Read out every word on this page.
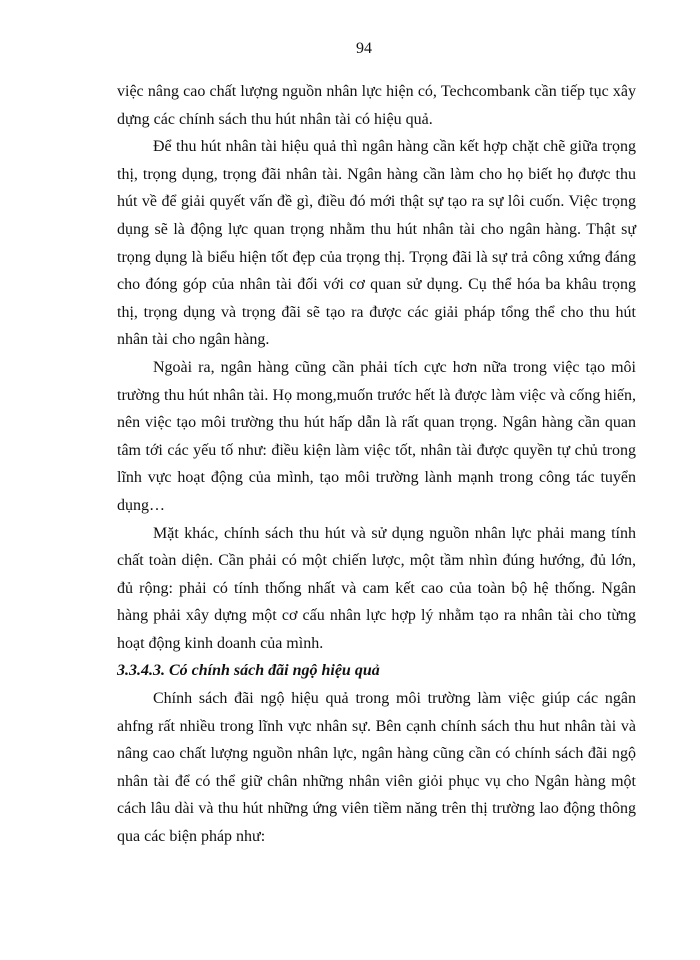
94

việc nâng cao chất lượng nguồn nhân lực hiện có, Techcombank cần tiếp tục xây dựng các chính sách thu hút nhân tài có hiệu quả.

Để thu hút nhân tài hiệu quả thì ngân hàng cần kết hợp chặt chẽ giữa trọng thị, trọng dụng, trọng đãi nhân tài. Ngân hàng cần làm cho họ biết họ được thu hút về để giải quyết vấn đề gì, điều đó mới thật sự tạo ra sự lôi cuốn. Việc trọng dụng sẽ là động lực quan trọng nhằm thu hút nhân tài cho ngân hàng. Thật sự trọng dụng là biểu hiện tốt đẹp của trọng thị. Trọng đãi là sự trả công xứng đáng cho đóng góp của nhân tài đối với cơ quan sử dụng. Cụ thể hóa ba khâu trọng thị, trọng dụng và trọng đãi sẽ tạo ra được các giải pháp tổng thể cho thu hút nhân tài cho ngân hàng.

Ngoài ra, ngân hàng cũng cần phải tích cực hơn nữa trong việc tạo môi trường thu hút nhân tài. Họ mong,muốn trước hết là được làm việc và cống hiến, nên việc tạo môi trường thu hút hấp dẫn là rất quan trọng. Ngân hàng cần quan tâm tới các yếu tố như: điều kiện làm việc tốt, nhân tài được quyền tự chủ trong lĩnh vực hoạt động của mình, tạo môi trường lành mạnh trong công tác tuyển dụng…

Mặt khác, chính sách thu hút và sử dụng nguồn nhân lực phải mang tính chất toàn diện. Cần phải có một chiến lược, một tầm nhìn đúng hướng, đủ lớn, đủ rộng: phải có tính thống nhất và cam kết cao của toàn bộ hệ thống. Ngân hàng phải xây dựng một cơ cấu nhân lực hợp lý nhằm tạo ra nhân tài cho từng hoạt động kinh doanh của mình.

3.3.4.3. Có chính sách đãi ngộ hiệu quả

Chính sách đãi ngộ hiệu quả trong môi trường làm việc giúp các ngân ahfng rất nhiều trong lĩnh vực nhân sự. Bên cạnh chính sách thu hut nhân tài và nâng cao chất lượng nguồn nhân lực, ngân hàng cũng cần có chính sách đãi ngộ nhân tài để có thể giữ chân những nhân viên giỏi phục vụ cho Ngân hàng một cách lâu dài và thu hút những ứng viên tiềm năng trên thị trường lao động thông qua các biện pháp như:
